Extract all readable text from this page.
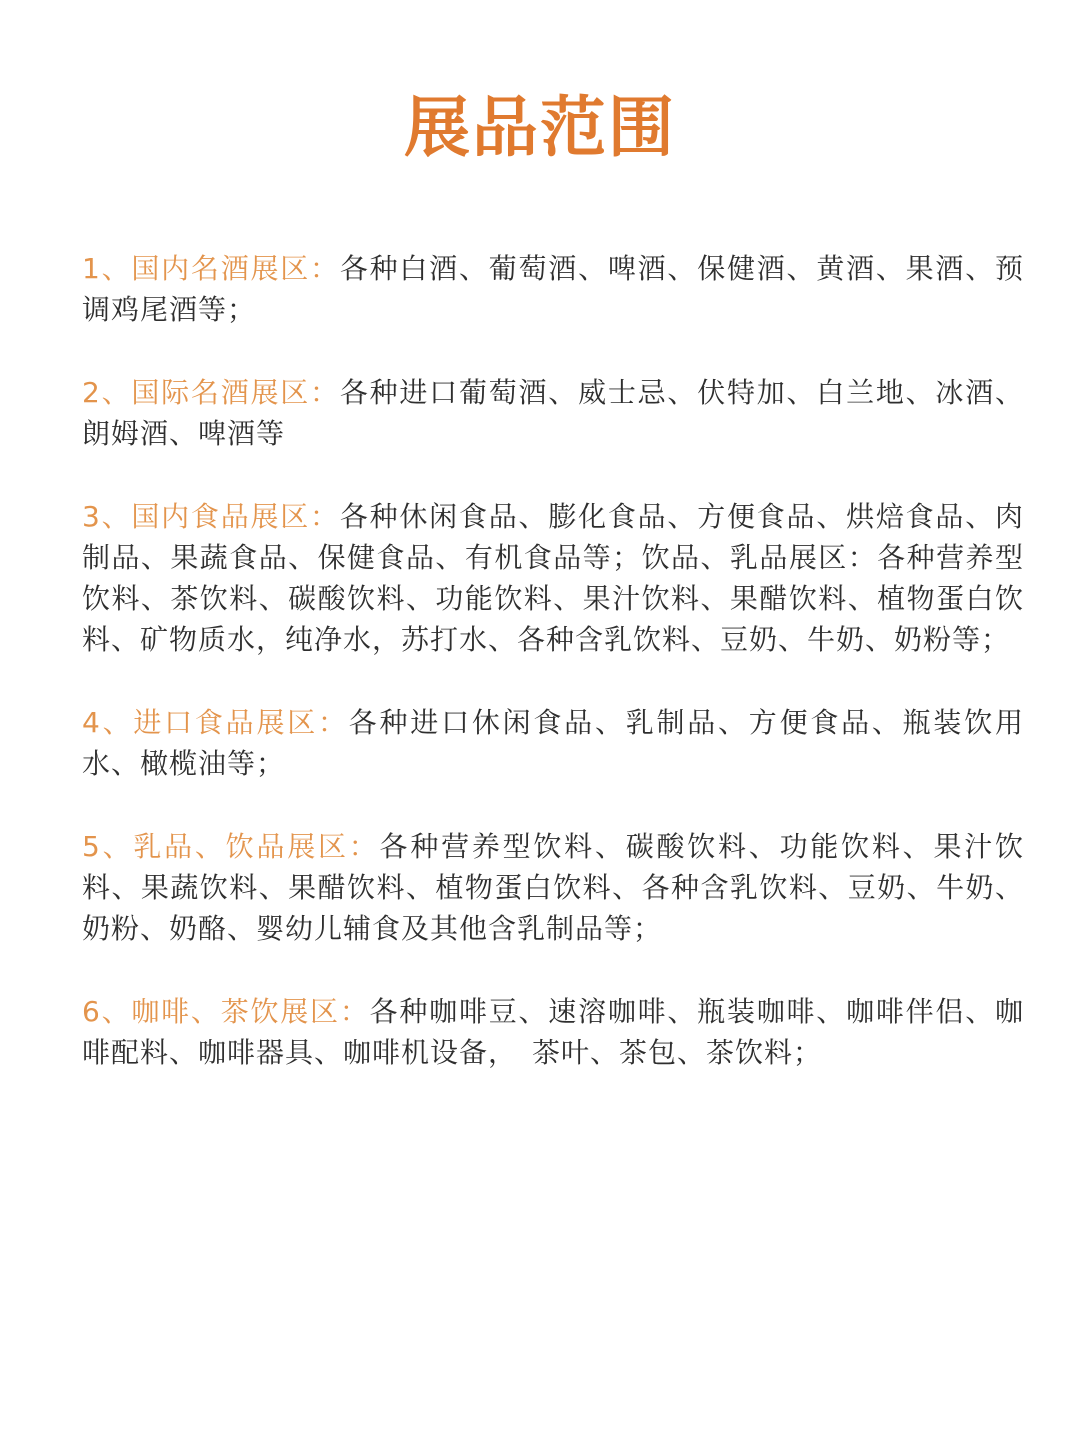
展品范围

1、国内名酒展区：各种白酒、葡萄酒、啤酒、保健酒、黄酒、果酒、预调鸡尾酒等；

2、国际名酒展区：各种进口葡萄酒、威士忌、伏特加、白兰地、冰酒、朗姆酒、啤酒等

3、国内食品展区：各种休闲食品、膨化食品、方便食品、烘焙食品、肉制品、果蔬食品、保健食品、有机食品等；饮品、乳品展区：各种营养型饮料、茶饮料、碳酸饮料、功能饮料、果汁饮料、果醋饮料、植物蛋白饮料、矿物质水，纯净水，苏打水、各种含乳饮料、豆奶、牛奶、奶粉等；

4、进口食品展区：各种进口休闲食品、乳制品、方便食品、瓶装饮用水、橄榄油等；

5、乳品、饮品展区：各种营养型饮料、碳酸饮料、功能饮料、果汁饮料、果蔬饮料、果醋饮料、植物蛋白饮料、各种含乳饮料、豆奶、牛奶、奶粉、奶酪、婴幼儿辅食及其他含乳制品等；

6、咖啡、茶饮展区：各种咖啡豆、速溶咖啡、瓶装咖啡、咖啡伴侣、咖啡配料、咖啡器具、咖啡机设备，　茶叶、茶包、茶饮料；
